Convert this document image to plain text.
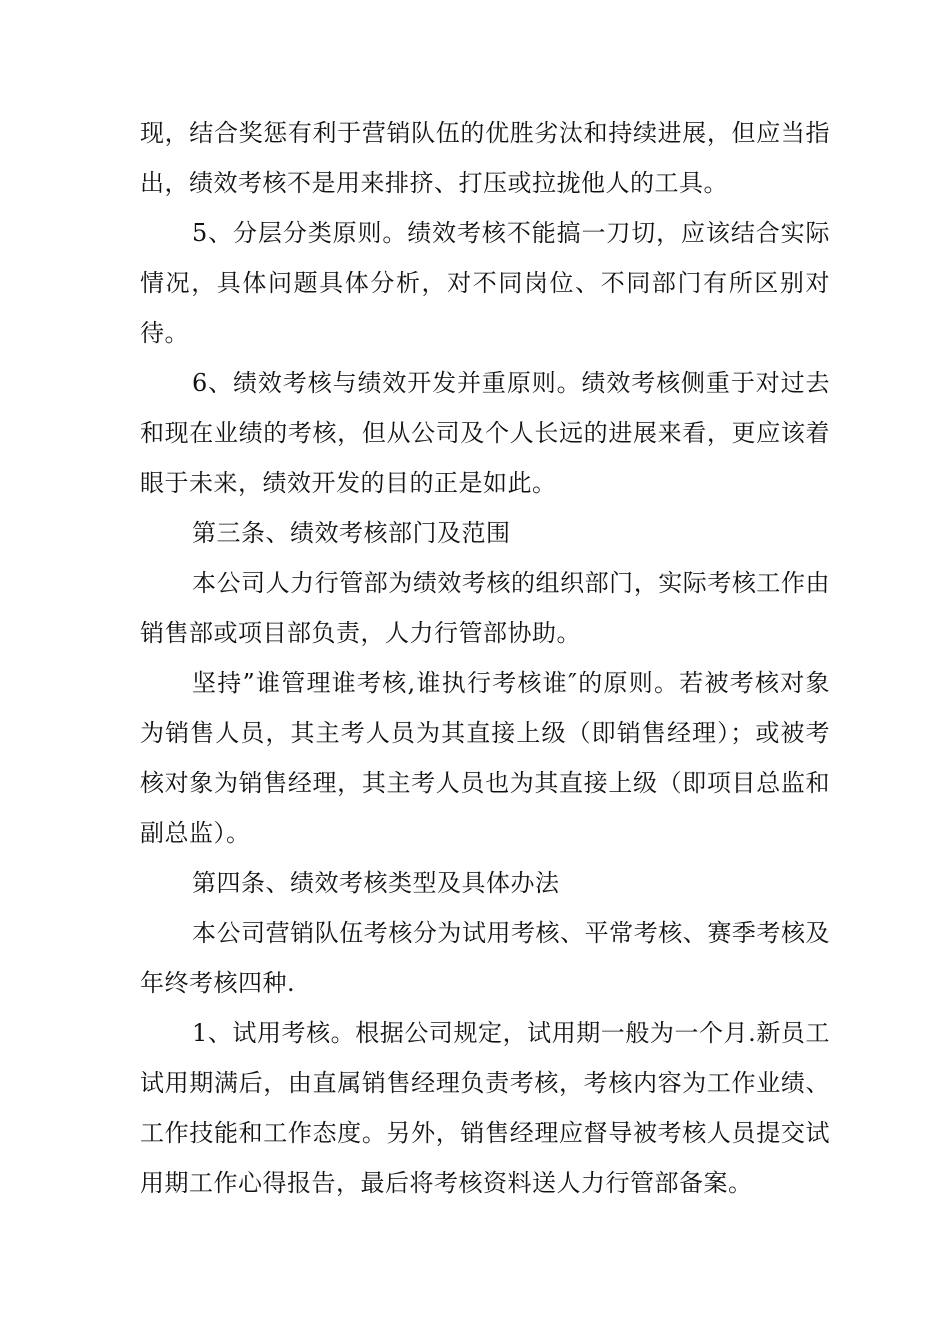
现，结合奖惩有利于营销队伍的优胜劣汰和持续进展，但应当指出，绩效考核不是用来排挤、打压或拉拢他人的工具。

5、分层分类原则。绩效考核不能搞一刀切，应该结合实际情况，具体问题具体分析，对不同岗位、不同部门有所区别对待。

6、绩效考核与绩效开发并重原则。绩效考核侧重于对过去和现在业绩的考核，但从公司及个人长远的进展来看，更应该着眼于未来，绩效开发的目的正是如此。

第三条、绩效考核部门及范围

本公司人力行管部为绩效考核的组织部门，实际考核工作由销售部或项目部负责，人力行管部协助。

坚持”谁管理谁考核,谁执行考核谁″的原则。若被考核对象为销售人员，其主考人员为其直接上级（即销售经理）；或被考核对象为销售经理，其主考人员也为其直接上级（即项目总监和副总监）。

第四条、绩效考核类型及具体办法

本公司营销队伍考核分为试用考核、平常考核、赛季考核及年终考核四种.

1、试用考核。根据公司规定，试用期一般为一个月.新员工试用期满后，由直属销售经理负责考核，考核内容为工作业绩、工作技能和工作态度。另外，销售经理应督导被考核人员提交试用期工作心得报告，最后将考核资料送人力行管部备案。
